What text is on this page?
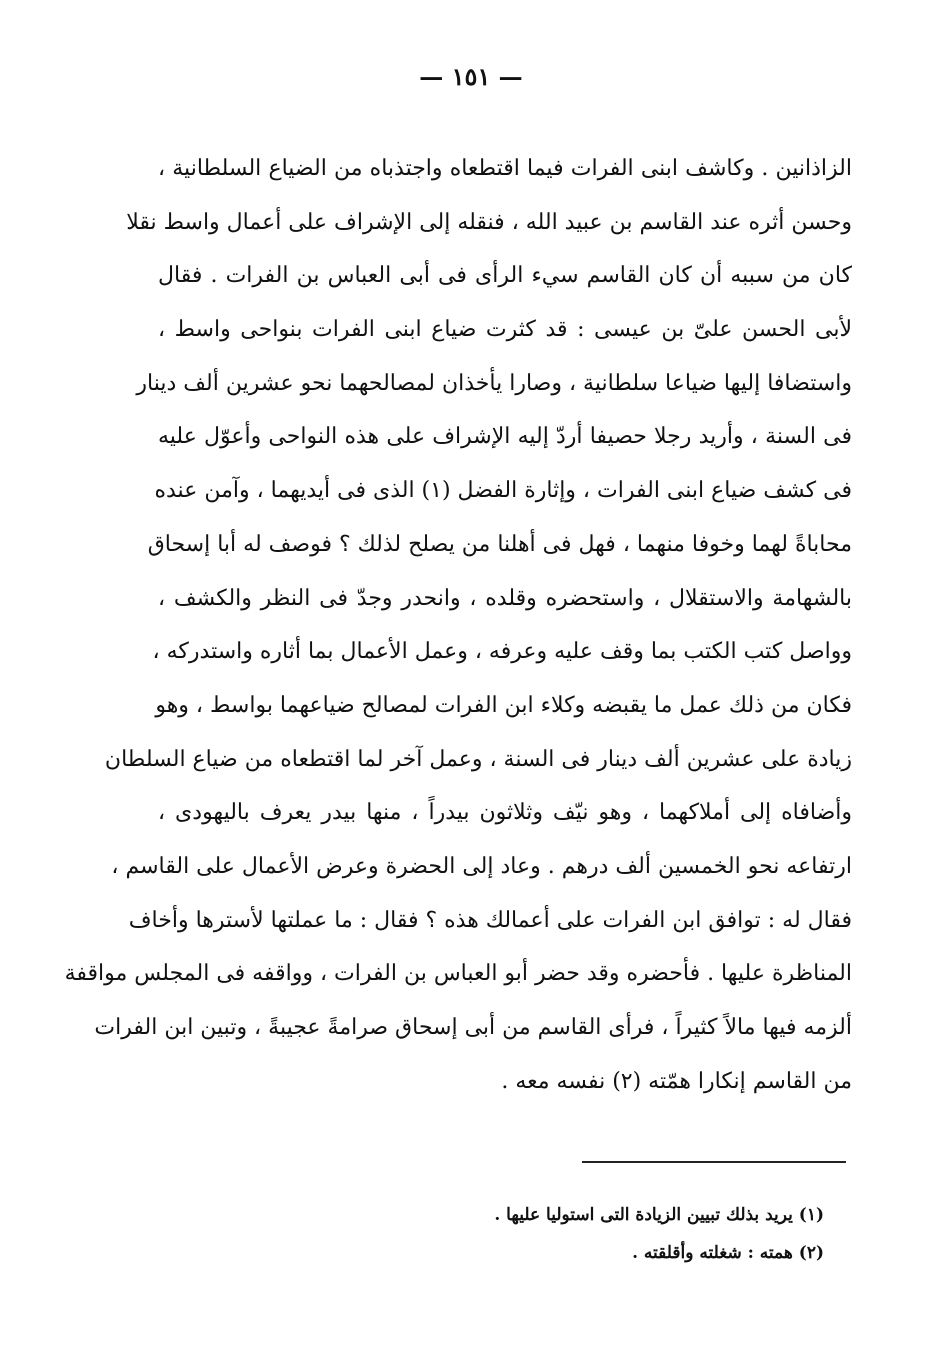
— ١٥١ —
الزاذانين . وكاشف ابنى الفرات فيما اقتطعاه واجتذباه من الضياع السلطانية ،
وحسن أثره عند القاسم بن عبيد الله ، فنقله إلى الإشراف على أعمال واسط نقلا
كان من سببه أن كان القاسم سيء الرأى فى أبى العباس بن الفرات . فقال
لأبى الحسن علىّ بن عيسى : قد كثرت ضياع ابنى الفرات بنواحى واسط ،
واستضافا إليها ضياعا سلطانية ، وصارا يأخذان لمصالحهما نحو عشرين ألف دينار
فى السنة ، وأريد رجلا حصيفا أردّ إليه الإشراف على هذه النواحى وأعوّل عليه
فى كشف ضياع ابنى الفرات ، وإثارة الفضل (١) الذى فى أيديهما ، وآمن عنده
محاباةً لهما وخوفا منهما ، فهل فى أهلنا من يصلح لذلك ؟ فوصف له أبا إسحاق
بالشهامة والاستقلال ، واستحضره وقلده ، وانحدر وجدّ فى النظر والكشف ،
وواصل كتب الكتب بما وقف عليه وعرفه ، وعمل الأعمال بما أثاره واستدركه ،
فكان من ذلك عمل ما يقبضه وكلاء ابن الفرات لمصالح ضياعهما بواسط ، وهو
زيادة على عشرين ألف دينار فى السنة ، وعمل آخر لما اقتطعاه من ضياع السلطان
وأضافاه إلى أملاكهما ، وهو نيّف وثلاثون بيدراً ، منها بيدر يعرف باليهودى ،
ارتفاعه نحو الخمسين ألف درهم . وعاد إلى الحضرة وعرض الأعمال على القاسم ،
فقال له : توافق ابن الفرات على أعمالك هذه ؟ فقال : ما عملتها لأسترها وأخاف
المناظرة عليها . فأحضره وقد حضر أبو العباس بن الفرات ، وواقفه فى المجلس مواقفة
ألزمه فيها مالاً كثيراً ، فرأى القاسم من أبى إسحاق صرامةً عجيبةً ، وتبين ابن الفرات
من القاسم إنكارا همّته (٢) نفسه معه .
(١) يريد بذلك تبيين الزيادة التى استوليا عليها .
(٢) همته : شغلته وأقلقته .
